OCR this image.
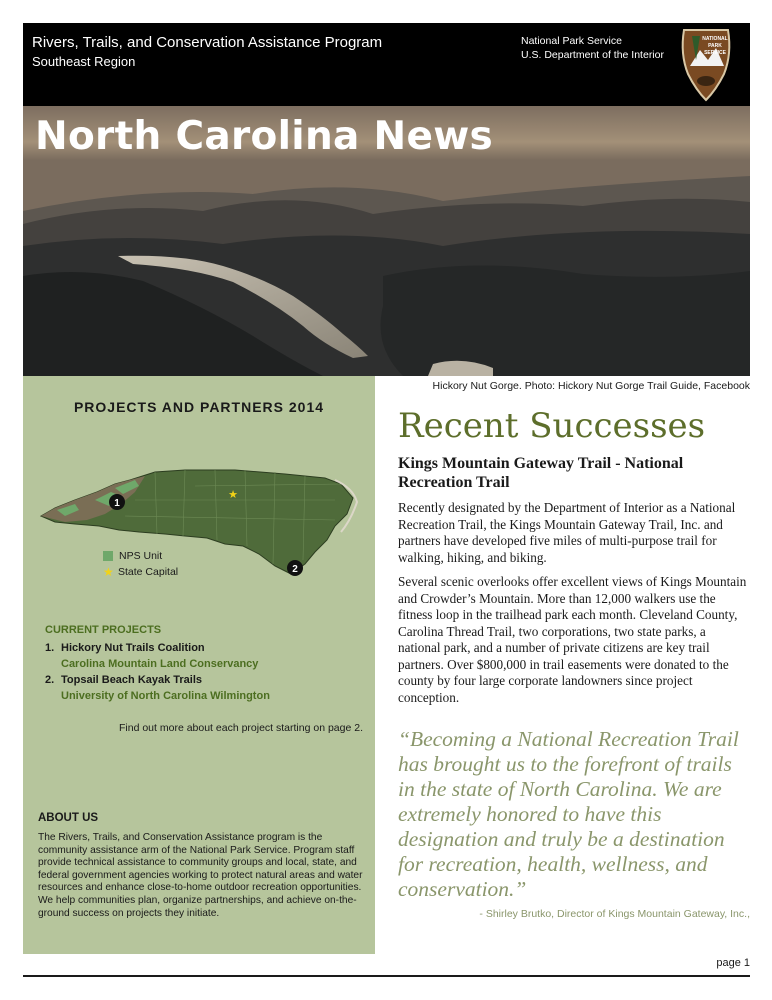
Rivers, Trails, and Conservation Assistance Program
Southeast Region
National Park Service
U.S. Department of the Interior
NATIONAL
PARK
SERVICE
North Carolina News
Hickory Nut Gorge. Photo: Hickory Nut Gorge Trail Guide, Facebook
PROJECTS AND PARTNERS 2014
★
1
2
NPS Unit
★ State Capital
CURRENT PROJECTS
1. Hickory Nut Trails Coalition
Carolina Mountain Land Conservancy
2. Topsail Beach Kayak Trails
University of North Carolina Wilmington
Find out more about each project starting on page 2.
ABOUT US
The Rivers, Trails, and Conservation Assistance program is the community assistance arm of the National Park Service. Program staff provide technical assistance to community groups and local, state, and federal government agencies working to protect natural areas and water resources and enhance close-to-home outdoor recreation opportunities. We help communities plan, organize partnerships, and achieve on-the-ground success on projects they initiate.
Recent Successes
Kings Mountain Gateway Trail - National Recreation Trail
Recently designated by the Department of Interior as a National Recreation Trail, the Kings Mountain Gateway Trail, Inc. and partners have developed five miles of multi-purpose trail for walking, hiking, and biking.
Several scenic overlooks offer excellent views of Kings Mountain and Crowder’s Mountain. More than 12,000 walkers use the fitness loop in the trailhead park each month. Cleveland County, Carolina Thread Trail, two corporations, two state parks, a national park, and a number of private citizens are key trail partners. Over $800,000 in trail easements were donated to the county by four large corporate landowners since project conception.
“Becoming a National Recreation Trail has brought us to the forefront of trails in the state of North Carolina. We are extremely honored to have this designation and truly be a destination for recreation, health, wellness, and conservation.”
- Shirley Brutko, Director of Kings Mountain Gateway, Inc.,
page 1
